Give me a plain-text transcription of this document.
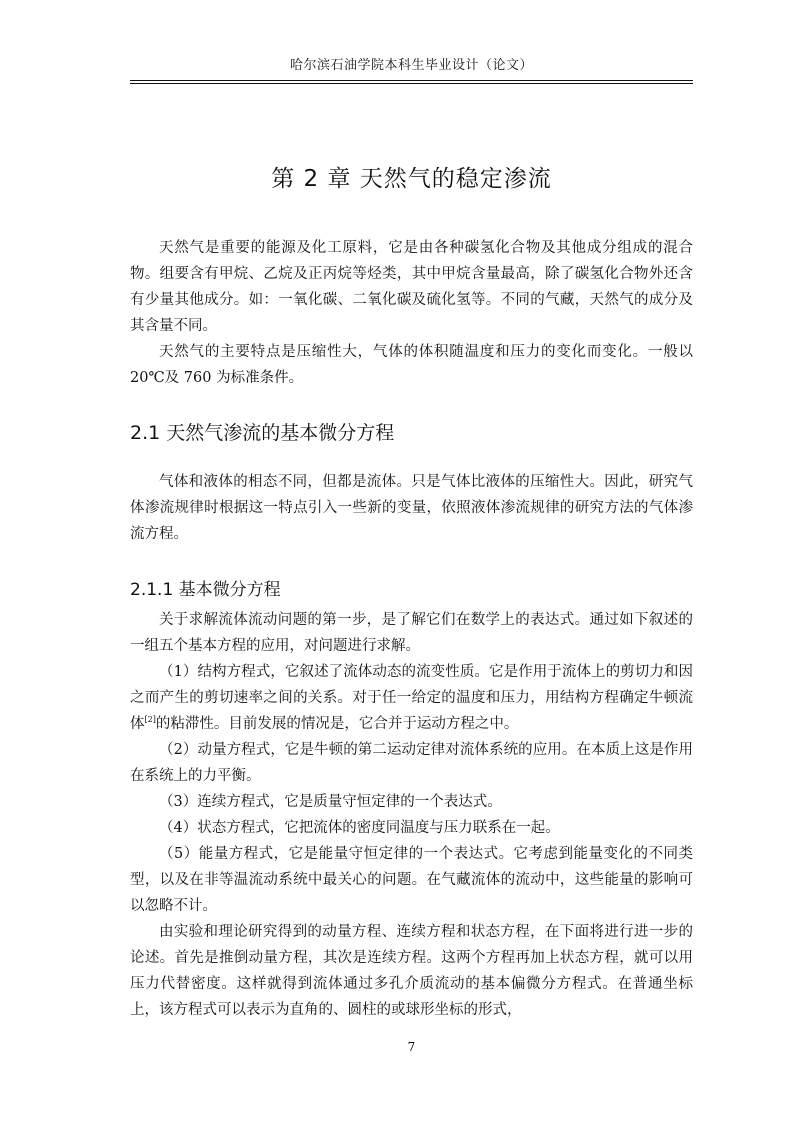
哈尔滨石油学院本科生毕业设计（论文）
第 2 章 天然气的稳定渗流

天然气是重要的能源及化工原料，它是由各种碳氢化合物及其他成分组成的混合物。组要含有甲烷、乙烷及正丙烷等烃类，其中甲烷含量最高，除了碳氢化合物外还含有少量其他成分。如：一氧化碳、二氧化碳及硫化氢等。不同的气藏，天然气的成分及其含量不同。

天然气的主要特点是压缩性大，气体的体积随温度和压力的变化而变化。一般以 20℃及 760 为标准条件。

2.1 天然气渗流的基本微分方程

气体和液体的相态不同，但都是流体。只是气体比液体的压缩性大。因此，研究气体渗流规律时根据这一特点引入一些新的变量，依照液体渗流规律的研究方法的气体渗流方程。

2.1.1 基本微分方程

关于求解流体流动问题的第一步，是了解它们在数学上的表达式。通过如下叙述的一组五个基本方程的应用，对问题进行求解。

（1）结构方程式，它叙述了流体动态的流变性质。它是作用于流体上的剪切力和因之而产生的剪切速率之间的关系。对于任一给定的温度和压力，用结构方程确定牛顿流体[2]的粘滞性。目前发展的情况是，它合并于运动方程之中。

（2）动量方程式，它是牛顿的第二运动定律对流体系统的应用。在本质上这是作用在系统上的力平衡。

（3）连续方程式，它是质量守恒定律的一个表达式。

（4）状态方程式，它把流体的密度同温度与压力联系在一起。

（5）能量方程式，它是能量守恒定律的一个表达式。它考虑到能量变化的不同类型，以及在非等温流动系统中最关心的问题。在气藏流体的流动中，这些能量的影响可以忽略不计。

由实验和理论研究得到的动量方程、连续方程和状态方程，在下面将进行进一步的论述。首先是推倒动量方程，其次是连续方程。这两个方程再加上状态方程，就可以用压力代替密度。这样就得到流体通过多孔介质流动的基本偏微分方程式。在普通坐标上，该方程式可以表示为直角的、圆柱的或球形坐标的形式，

7
